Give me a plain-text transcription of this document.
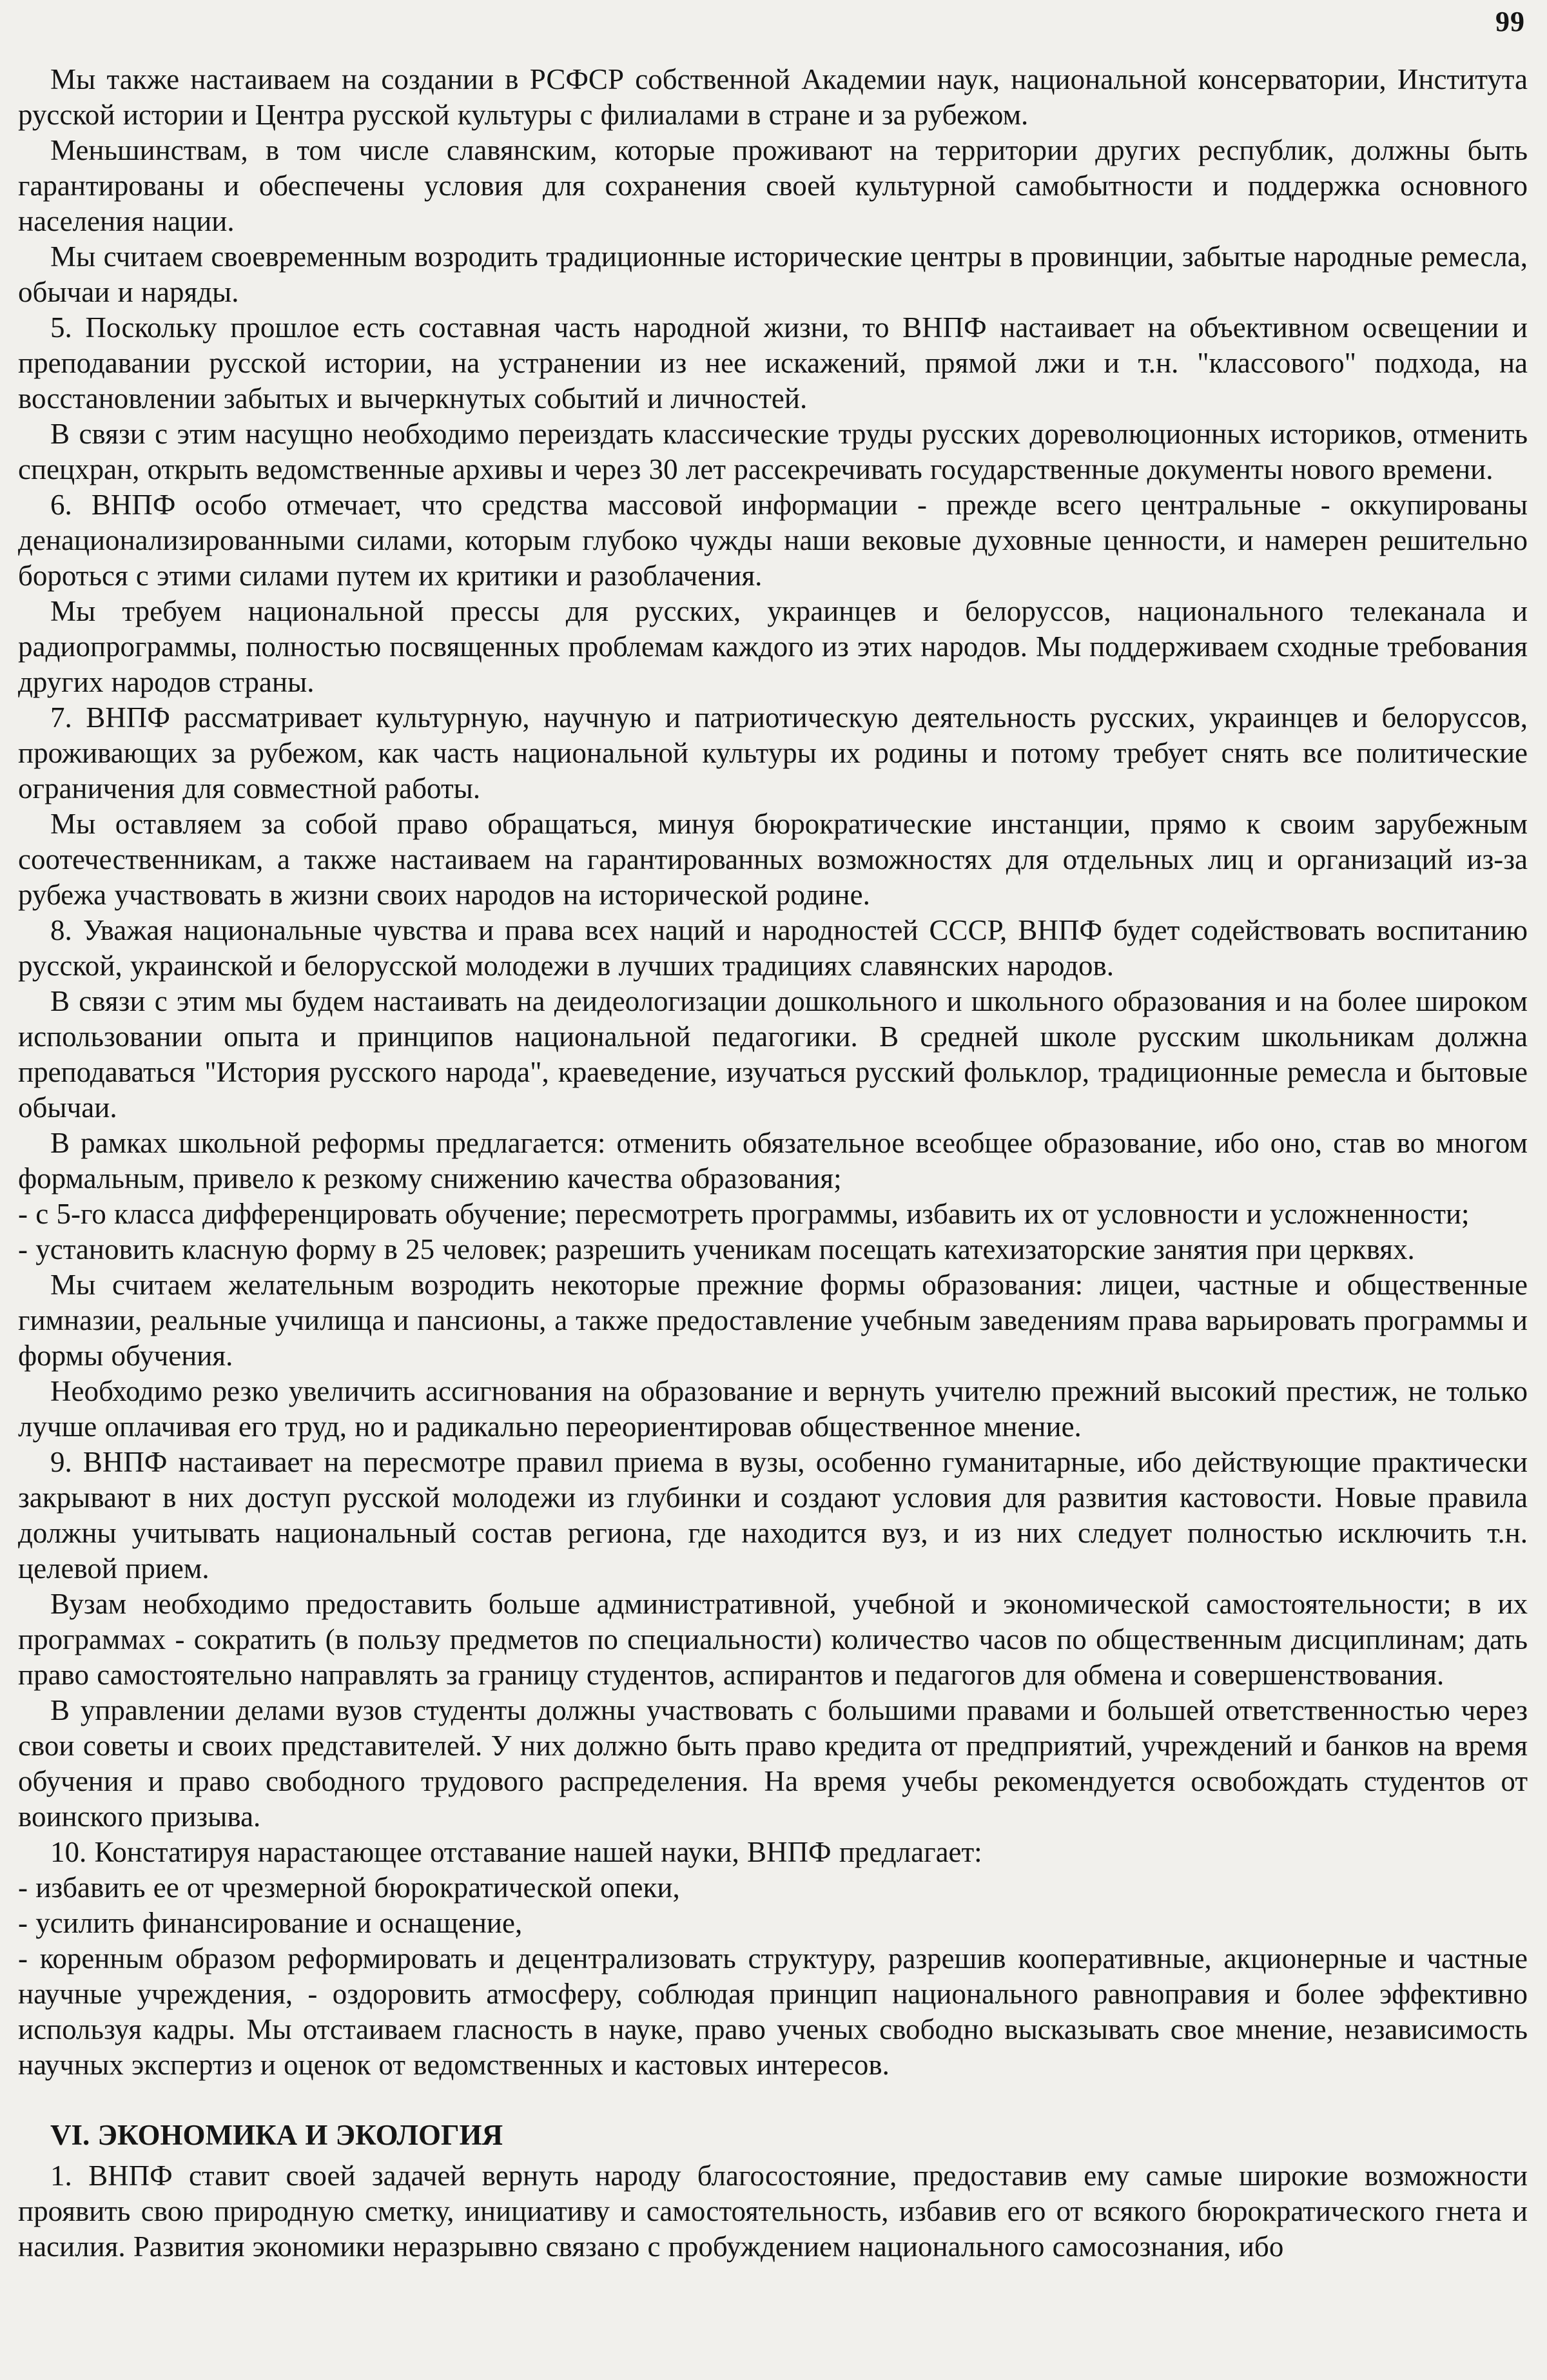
99

Мы также настаиваем на создании в РСФСР собственной Академии наук, национальной консерватории, Института русской истории и Центра русской культуры с филиалами в стране и за рубежом.

Меньшинствам, в том числе славянским, которые проживают на территории других республик, должны быть гарантированы и обеспечены условия для сохранения своей культурной самобытности и поддержка основного населения нации.

Мы считаем своевременным возродить традиционные исторические центры в провинции, забытые народные ремесла, обычаи и наряды.

5. Поскольку прошлое есть составная часть народной жизни, то ВНПФ настаивает на объективном освещении и преподавании русской истории, на устранении из нее искажений, прямой лжи и т.н. "классового" подхода, на восстановлении забытых и вычеркнутых событий и личностей.

В связи с этим насущно необходимо переиздать классические труды русских дореволюционных историков, отменить спецхран, открыть ведомственные архивы и через 30 лет рассекречивать государственные документы нового времени.

6. ВНПФ особо отмечает, что средства массовой информации - прежде всего центральные - оккупированы денационализированными силами, которым глубоко чужды наши вековые духовные ценности, и намерен решительно бороться с этими силами путем их критики и разоблачения.

Мы требуем национальной прессы для русских, украинцев и белоруссов, национального телеканала и радиопрограммы, полностью посвященных проблемам каждого из этих народов. Мы поддерживаем сходные требования других народов страны.

7. ВНПФ рассматривает культурную, научную и патриотическую деятельность русских, украинцев и белоруссов, проживающих за рубежом, как часть национальной культуры их родины и потому требует снять все политические ограничения для совместной работы.

Мы оставляем за собой право обращаться, минуя бюрократические инстанции, прямо к своим зарубежным соотечественникам, а также настаиваем на гарантированных возможностях для отдельных лиц и организаций из-за рубежа участвовать в жизни своих народов на исторической родине.

8. Уважая национальные чувства и права всех наций и народностей СССР, ВНПФ будет содействовать воспитанию русской, украинской и белорусской молодежи в лучших традициях славянских народов.

В связи с этим мы будем настаивать на деидеологизации дошкольного и школьного образования и на более широком использовании опыта и принципов национальной педагогики. В средней школе русским школьникам должна преподаваться "История русского народа", краеведение, изучаться русский фольклор, традиционные ремесла и бытовые обычаи.

В рамках школьной реформы предлагается: отменить обязательное всеобщее образование, ибо оно, став во многом формальным, привело к резкому снижению качества образования;

- с 5-го класса дифференцировать обучение; пересмотреть программы, избавить их от условности и усложненности;

- установить класную форму в 25 человек; разрешить ученикам посещать катехизаторские занятия при церквях.

Мы считаем желательным возродить некоторые прежние формы образования: лицеи, частные и общественные гимназии, реальные училища и пансионы, а также предоставление учебным заведениям права варьировать программы и формы обучения.

Необходимо резко увеличить ассигнования на образование и вернуть учителю прежний высокий престиж, не только лучше оплачивая его труд, но и радикально переориентировав общественное мнение.

9. ВНПФ настаивает на пересмотре правил приема в вузы, особенно гуманитарные, ибо действующие практически закрывают в них доступ русской молодежи из глубинки и создают условия для развития кастовости. Новые правила должны учитывать национальный состав региона, где находится вуз, и из них следует полностью исключить т.н. целевой прием.

Вузам необходимо предоставить больше административной, учебной и экономической самостоятельности; в их программах - сократить (в пользу предметов по специальности) количество часов по общественным дисциплинам; дать право самостоятельно направлять за границу студентов, аспирантов и педагогов для обмена и совершенствования.

В управлении делами вузов студенты должны участвовать с большими правами и большей ответственностью через свои советы и своих представителей. У них должно быть право кредита от предприятий, учреждений и банков на время обучения и право свободного трудового распределения. На время учебы рекомендуется освобождать студентов от воинского призыва.

10. Констатируя нарастающее отставание нашей науки, ВНПФ предлагает:

- избавить ее от чрезмерной бюрократической опеки,

- усилить финансирование и оснащение,

- коренным образом реформировать и децентрализовать структуру, разрешив кооперативные, акционерные и частные научные учреждения, - оздоровить атмосферу, соблюдая принцип национального равноправия и более эффективно используя кадры. Мы отстаиваем гласность в науке, право ученых свободно высказывать свое мнение, независимость научных экспертиз и оценок от ведомственных и кастовых интересов.

VI. ЭКОНОМИКА И ЭКОЛОГИЯ

1. ВНПФ ставит своей задачей вернуть народу благосостояние, предоставив ему самые широкие возможности проявить свою природную сметку, инициативу и самостоятельность, избавив его от всякого бюрократического гнета и насилия. Развития экономики неразрывно связано с пробуждением национального самосознания, ибо
